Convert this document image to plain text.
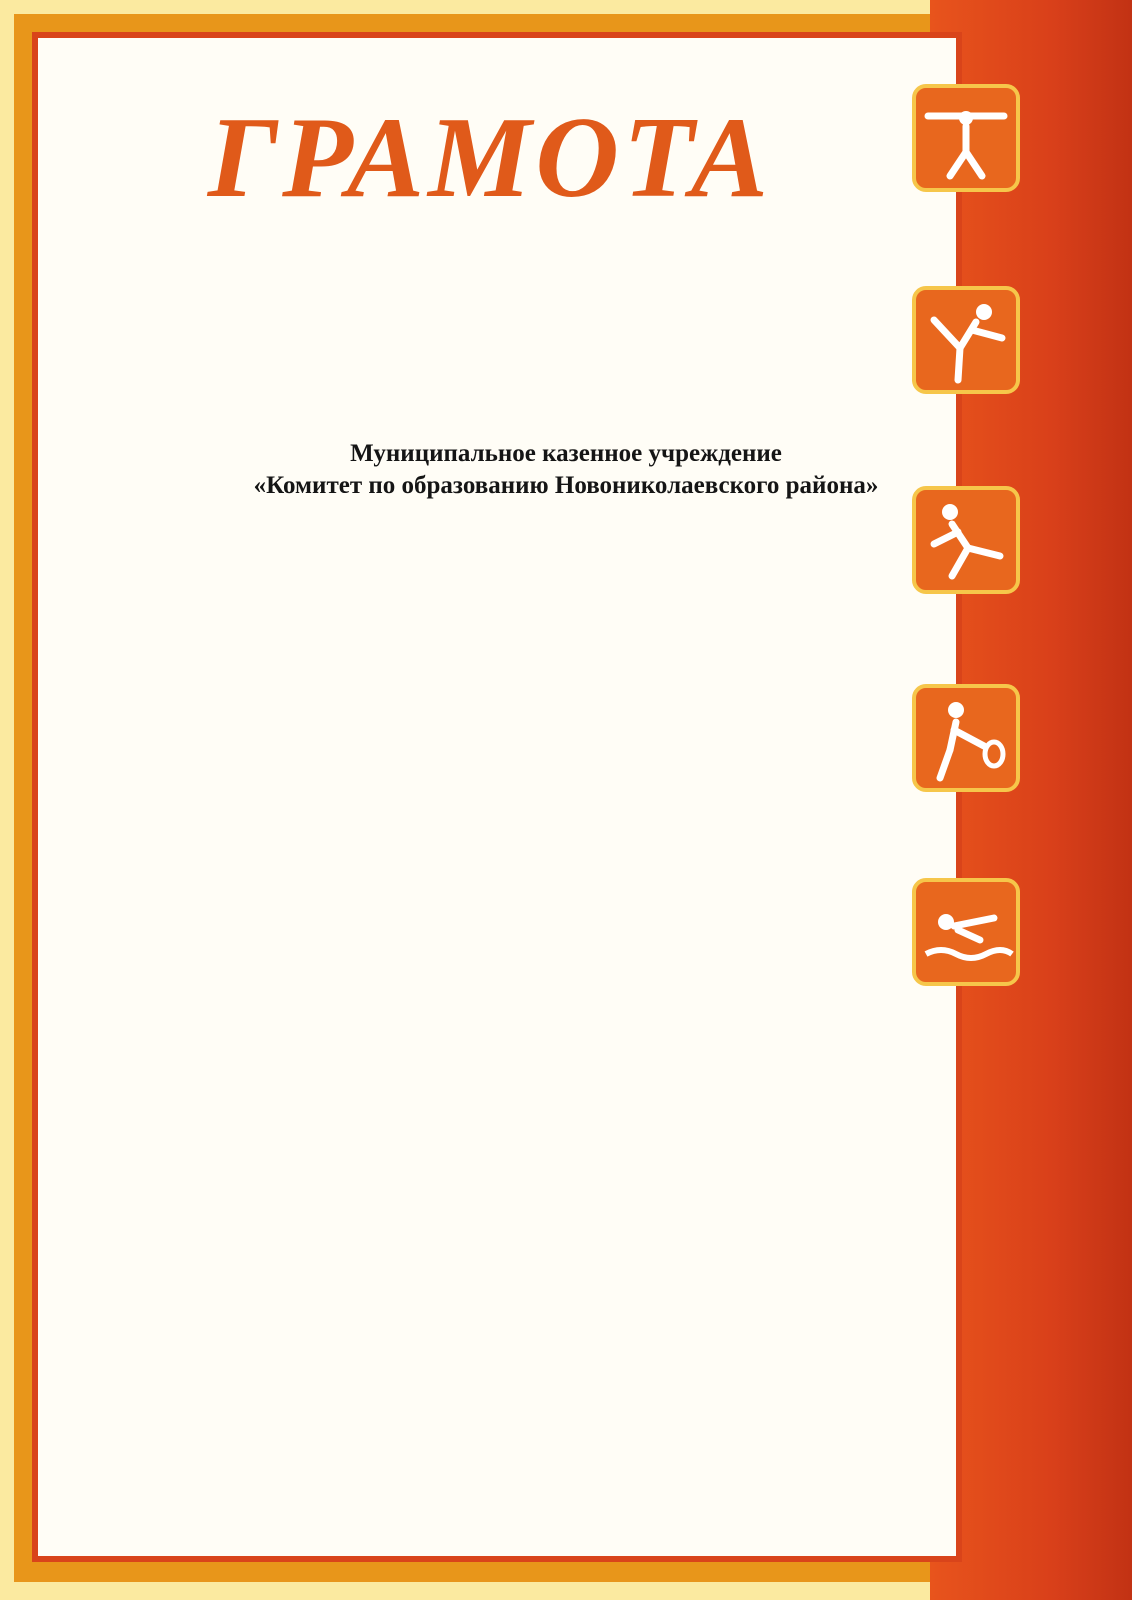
ГРАМОТА
Муниципальное казенное учреждение
«Комитет по образованию Новониколаевского района»
